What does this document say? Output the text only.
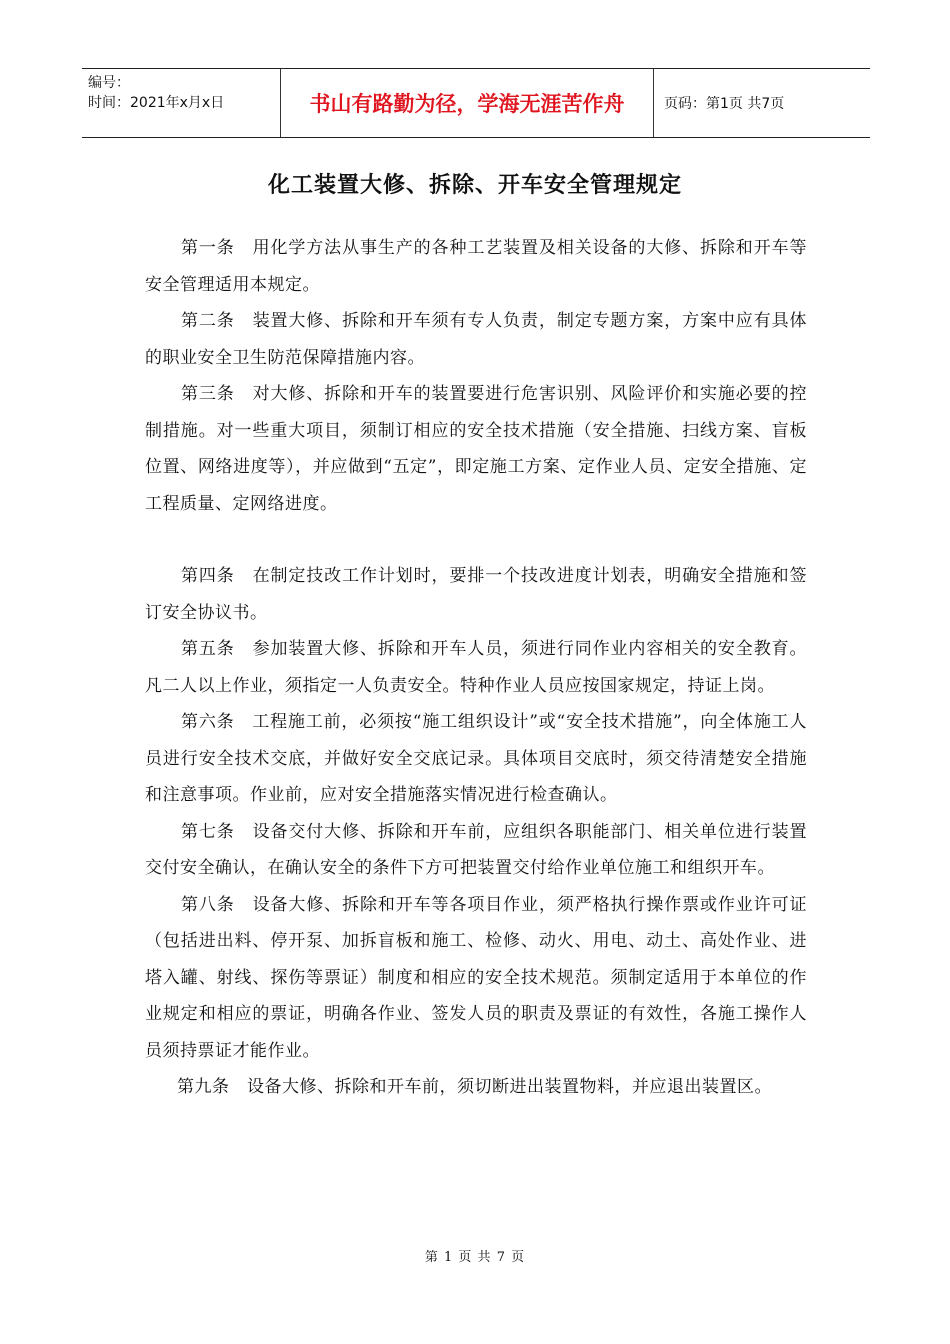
编号：
时间：2021年x月x日	书山有路勤为径，学海无涯苦作舟	页码：第1页 共7页
化工装置大修、拆除、开车安全管理规定

第一条　用化学方法从事生产的各种工艺装置及相关设备的大修、拆除和开车等安全管理适用本规定。

第二条　装置大修、拆除和开车须有专人负责，制定专题方案，方案中应有具体的职业安全卫生防范保障措施内容。

第三条　对大修、拆除和开车的装置要进行危害识别、风险评价和实施必要的控制措施。对一些重大项目，须制订相应的安全技术措施（安全措施、扫线方案、盲板位置、网络进度等），并应做到“五定”，即定施工方案、定作业人员、定安全措施、定工程质量、定网络进度。

第四条　在制定技改工作计划时，要排一个技改进度计划表，明确安全措施和签订安全协议书。

第五条　参加装置大修、拆除和开车人员，须进行同作业内容相关的安全教育。凡二人以上作业，须指定一人负责安全。特种作业人员应按国家规定，持证上岗。

第六条　工程施工前，必须按“施工组织设计”或“安全技术措施”，向全体施工人员进行安全技术交底，并做好安全交底记录。具体项目交底时，须交待清楚安全措施和注意事项。作业前，应对安全措施落实情况进行检查确认。

第七条　设备交付大修、拆除和开车前，应组织各职能部门、相关单位进行装置交付安全确认，在确认安全的条件下方可把装置交付给作业单位施工和组织开车。

第八条　设备大修、拆除和开车等各项目作业，须严格执行操作票或作业许可证（包括进出料、停开泵、加拆盲板和施工、检修、动火、用电、动土、高处作业、进塔入罐、射线、探伤等票证）制度和相应的安全技术规范。须制定适用于本单位的作业规定和相应的票证，明确各作业、签发人员的职责及票证的有效性，各施工操作人员须持票证才能作业。

第九条　设备大修、拆除和开车前，须切断进出装置物料，并应退出装置区。

第 1 页 共 7 页
